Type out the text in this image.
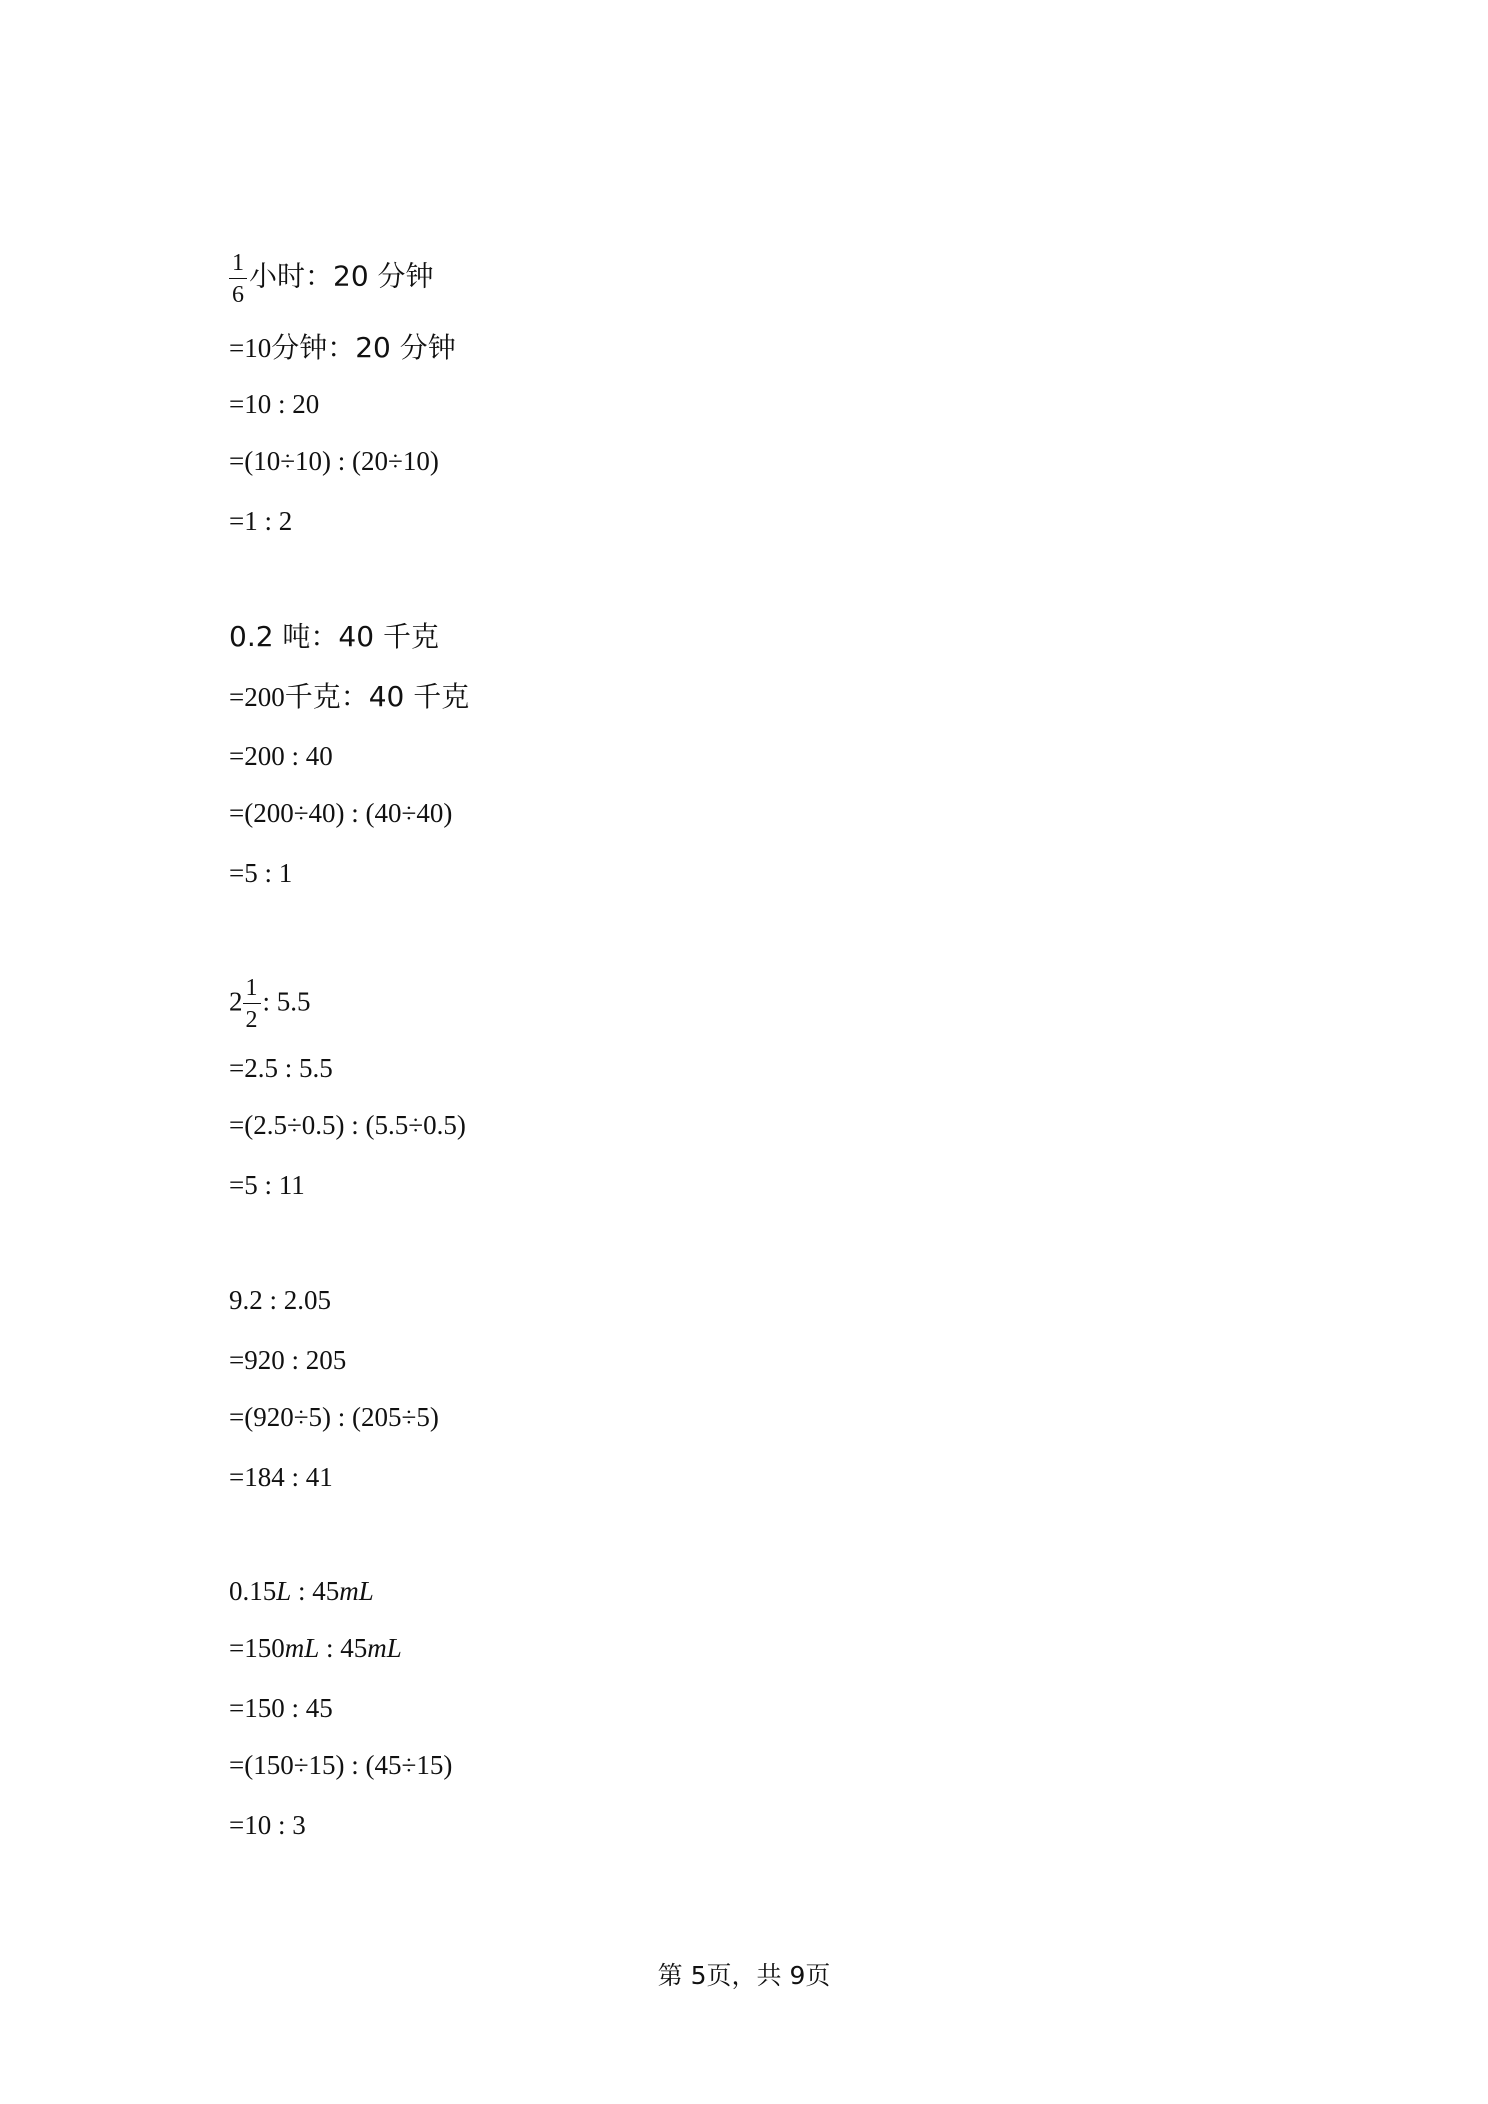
$\frac{1}{6}$ 小时：20 分钟
=10分钟：20 分钟
=10 : 20
=(10÷10) : (20÷10)
=1 : 2
0.2 吨：40 千克
=200千克：40 千克
=200 : 40
=(200÷40) : (40÷40)
=5 : 1
$2 \frac{1}{2}$ : 5.5
=2.5 : 5.5
=(2.5÷0.5) : (5.5÷0.5)
=5 : 11
9.2 : 2.05
=920 : 205
=(920÷5) : (205÷5)
=184 : 41
0.15L : 45mL
=150mL : 45mL
=150 : 45
=(150÷15) : (45÷15)
=10 : 3
第 5页，共 9页
